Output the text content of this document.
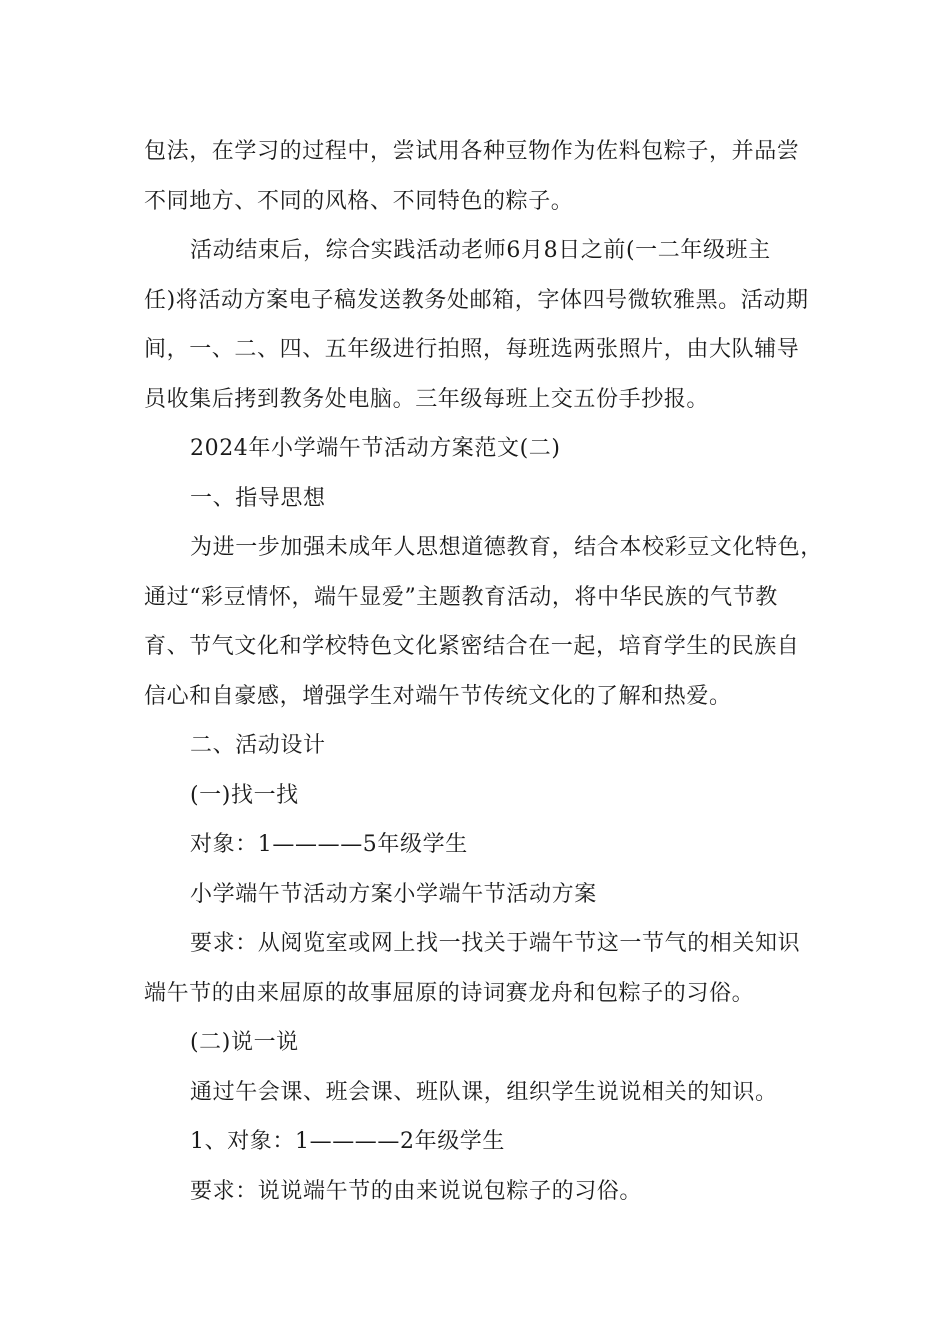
包法，在学习的过程中，尝试用各种豆物作为佐料包粽子，并品尝
不同地方、不同的风格、不同特色的粽子。
活动结束后，综合实践活动老师6月8日之前(一二年级班主
任)将活动方案电子稿发送教务处邮箱，字体四号微软雅黑。活动期
间，一、二、四、五年级进行拍照，每班选两张照片，由大队辅导
员收集后拷到教务处电脑。三年级每班上交五份手抄报。
2024年小学端午节活动方案范文(二)
一、指导思想
为进一步加强未成年人思想道德教育，结合本校彩豆文化特色，
通过“彩豆情怀，端午显爱”主题教育活动，将中华民族的气节教
育、节气文化和学校特色文化紧密结合在一起，培育学生的民族自
信心和自豪感，增强学生对端午节传统文化的了解和热爱。
二、活动设计
(一)找一找
对象：1————5年级学生
小学端午节活动方案小学端午节活动方案
要求：从阅览室或网上找一找关于端午节这一节气的相关知识
端午节的由来屈原的故事屈原的诗词赛龙舟和包粽子的习俗。
(二)说一说
通过午会课、班会课、班队课，组织学生说说相关的知识。
1、对象：1————2年级学生
要求：说说端午节的由来说说包粽子的习俗。
